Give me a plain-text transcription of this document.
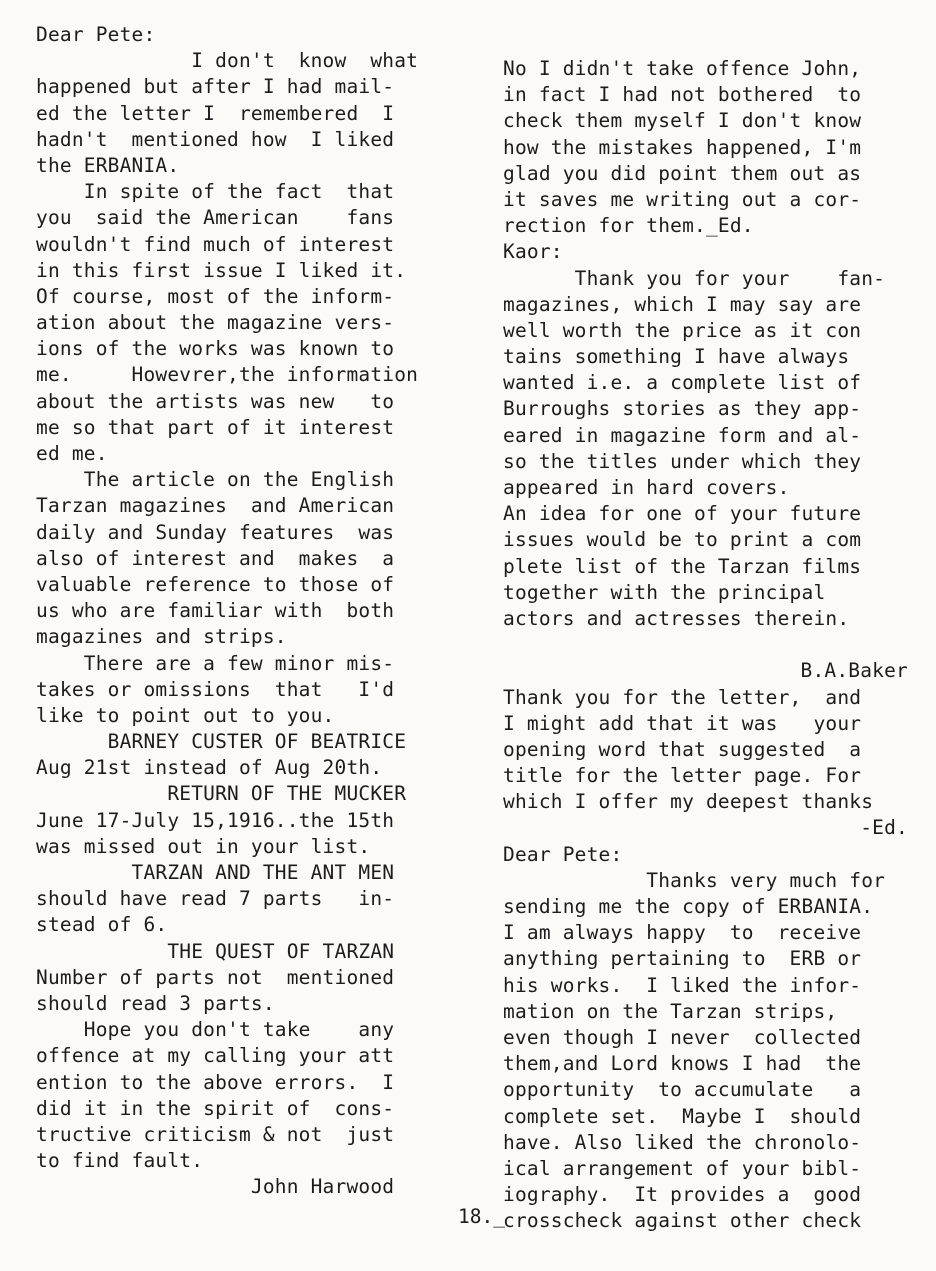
Dear Pete:
I don't  know  what
happened but after I had mail-
ed the letter I  remembered  I
hadn't  mentioned how  I liked
the ERBANIA.
In spite of the fact  that
you  said the American    fans
wouldn't find much of interest
in this first issue I liked it.
Of course, most of the inform-
ation about the magazine vers-
ions of the works was known to
me.     Howevrer,the information
about the artists was new   to
me so that part of it interest
ed me.
The article on the English
Tarzan magazines  and American
daily and Sunday features  was
also of interest and  makes  a
valuable reference to those of
us who are familiar with  both
magazines and strips.
There are a few minor mis-
takes or omissions  that   I'd
like to point out to you.
BARNEY CUSTER OF BEATRICE
Aug 21st instead of Aug 20th.
RETURN OF THE MUCKER
June 17-July 15,1916..the 15th
was missed out in your list.
TARZAN AND THE ANT MEN
should have read 7 parts   in-
stead of 6.
THE QUEST OF TARZAN
Number of parts not  mentioned
should read 3 parts.
Hope you don't take    any
offence at my calling your att
ention to the above errors.  I
did it in the spirit of  cons-
tructive criticism & not  just
to find fault.
John Harwood
No I didn't take offence John,
in fact I had not bothered  to
check them myself I don't know
how the mistakes happened, I'm
glad you did point them out as
it saves me writing out a cor-
rection for them._Ed.
Kaor:
Thank you for your    fan-
magazines, which I may say are
well worth the price as it con
tains something I have always
wanted i.e. a complete list of
Burroughs stories as they app-
eared in magazine form and al-
so the titles under which they
appeared in hard covers.
An idea for one of your future
issues would be to print a com
plete list of the Tarzan films
together with the principal
actors and actresses therein.
B.A.Baker
Thank you for the letter,  and
I might add that it was   your
opening word that suggested  a
title for the letter page. For
which I offer my deepest thanks
-Ed.
Dear Pete:
Thanks very much for
sending me the copy of ERBANIA.
I am always happy  to  receive
anything pertaining to  ERB or
his works.  I liked the infor-
mation on the Tarzan strips,
even though I never  collected
them,and Lord knows I had  the
opportunity  to accumulate   a
complete set.  Maybe I  should
have. Also liked the chronolo-
ical arrangement of your bibl-
iography.  It provides a  good
crosscheck against other check
18._
